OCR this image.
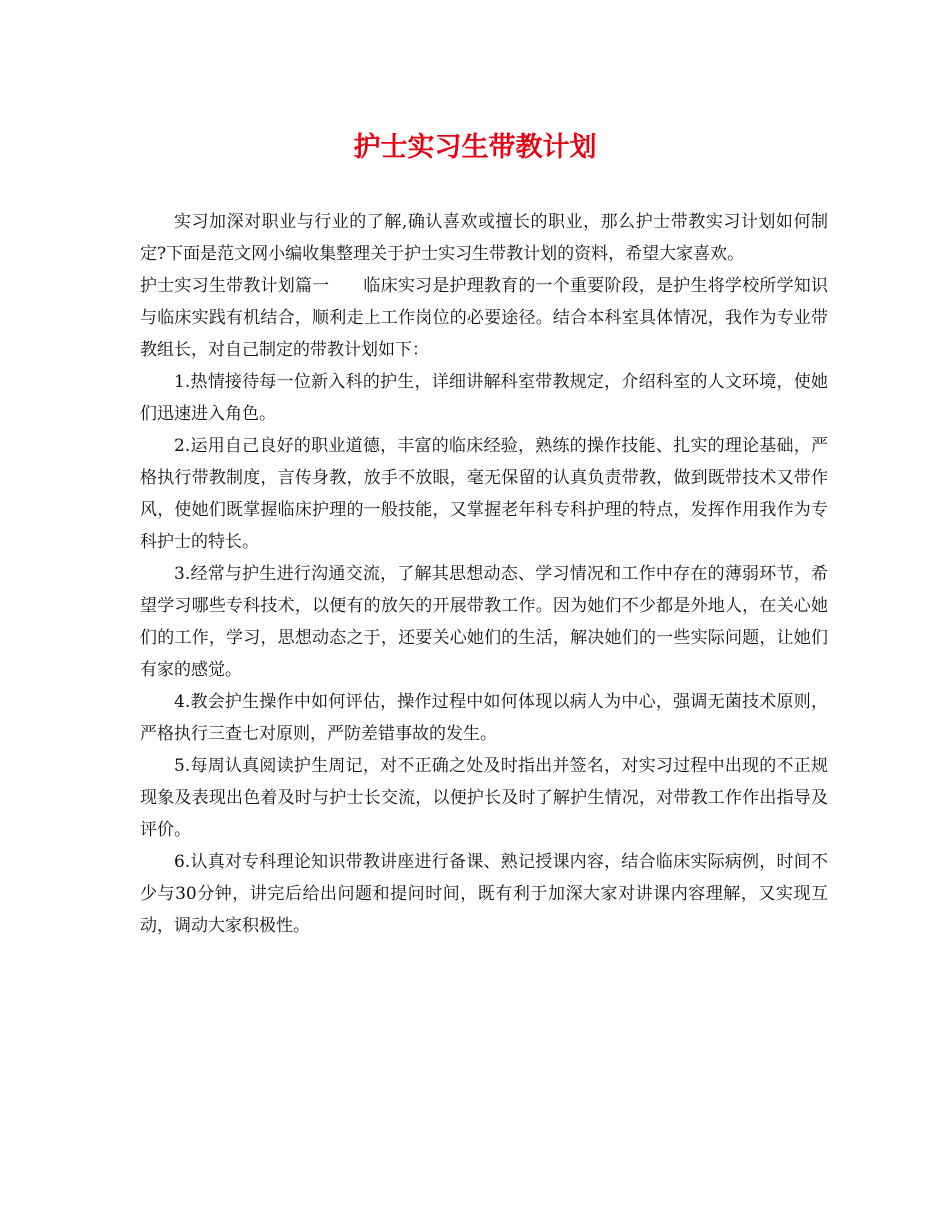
护士实习生带教计划

实习加深对职业与行业的了解,确认喜欢或擅长的职业，那么护士带教实习计划如何制定?下面是范文网小编收集整理关于护士实习生带教计划的资料，希望大家喜欢。

护士实习生带教计划篇一 临床实习是护理教育的一个重要阶段，是护生将学校所学知识与临床实践有机结合，顺利走上工作岗位的必要途径。结合本科室具体情况，我作为专业带教组长，对自己制定的带教计划如下：

1.热情接待每一位新入科的护生，详细讲解科室带教规定，介绍科室的人文环境，使她们迅速进入角色。

2.运用自己良好的职业道德，丰富的临床经验，熟练的操作技能、扎实的理论基础，严格执行带教制度，言传身教，放手不放眼，毫无保留的认真负责带教，做到既带技术又带作风，使她们既掌握临床护理的一般技能，又掌握老年科专科护理的特点，发挥作用我作为专科护士的特长。

3.经常与护生进行沟通交流，了解其思想动态、学习情况和工作中存在的薄弱环节，希望学习哪些专科技术，以便有的放矢的开展带教工作。因为她们不少都是外地人，在关心她们的工作，学习，思想动态之于，还要关心她们的生活，解决她们的一些实际问题，让她们有家的感觉。

4.教会护生操作中如何评估，操作过程中如何体现以病人为中心，强调无菌技术原则，严格执行三查七对原则，严防差错事故的发生。

5.每周认真阅读护生周记，对不正确之处及时指出并签名，对实习过程中出现的不正规现象及表现出色着及时与护士长交流，以便护长及时了解护生情况，对带教工作作出指导及评价。

6.认真对专科理论知识带教讲座进行备课、熟记授课内容，结合临床实际病例，时间不少与30分钟，讲完后给出问题和提问时间，既有利于加深大家对讲课内容理解，又实现互动，调动大家积极性。
